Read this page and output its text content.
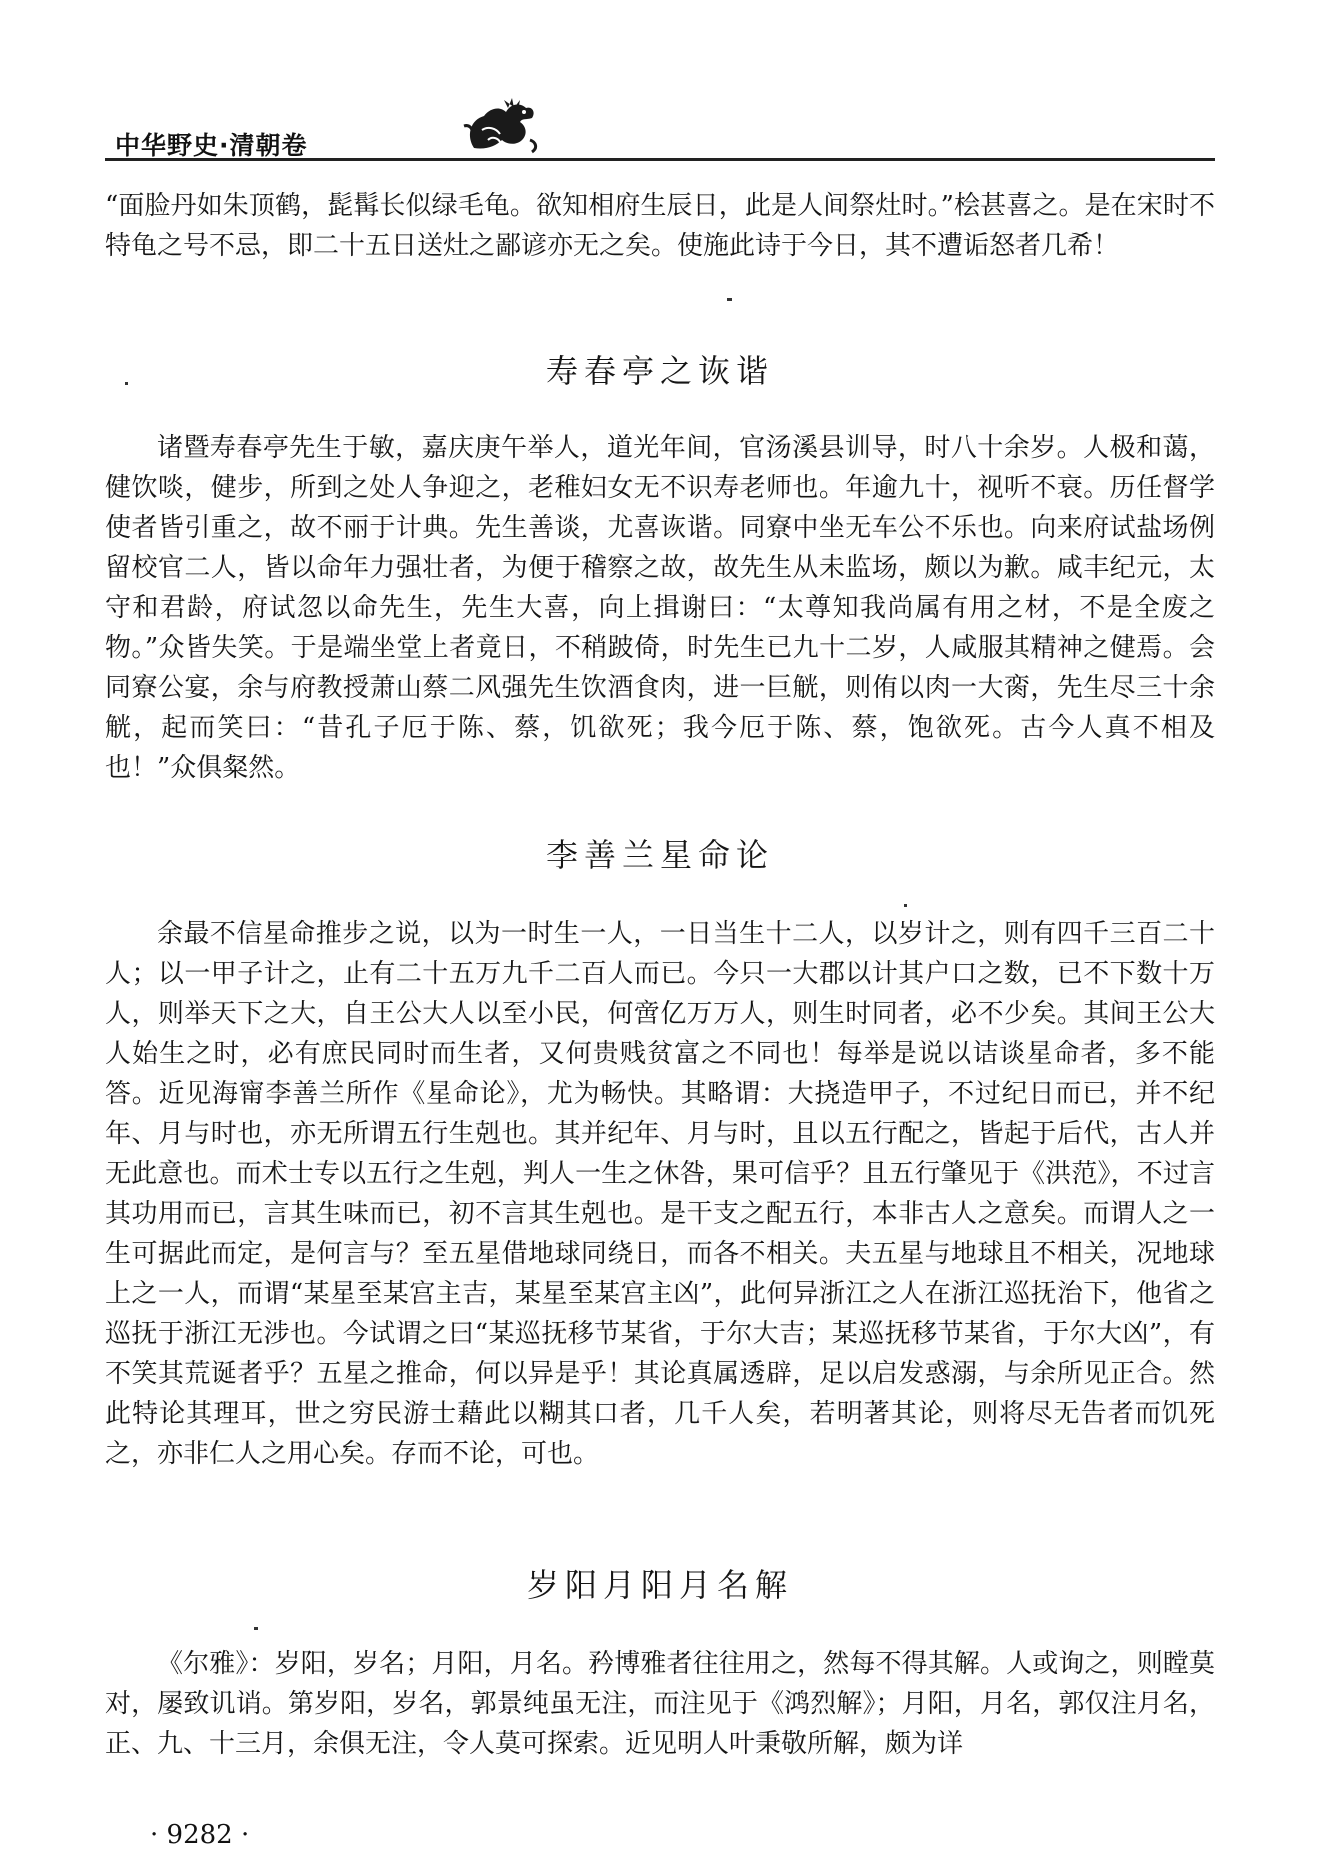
中华野史·清朝卷

“面脸丹如朱顶鹤，髭髯长似绿毛龟。欲知相府生辰日，此是人间祭灶时。”桧甚喜之。是在宋时不特龟之号不忌，即二十五日送灶之鄙谚亦无之矣。使施此诗于今日，其不遭诟怒者几希！

寿春亭之诙谐

诸暨寿春亭先生于敏，嘉庆庚午举人，道光年间，官汤溪县训导，时八十余岁。人极和蔼，健饮啖，健步，所到之处人争迎之，老稚妇女无不识寿老师也。年逾九十，视听不衰。历任督学使者皆引重之，故不丽于计典。先生善谈，尤喜诙谐。同寮中坐无车公不乐也。向来府试盐场例留校官二人，皆以命年力强壮者，为便于稽察之故，故先生从未监场，颇以为歉。咸丰纪元，太守和君龄，府试忽以命先生，先生大喜，向上揖谢曰：“太尊知我尚属有用之材，不是全废之物。”众皆失笑。于是端坐堂上者竟日，不稍跛倚，时先生已九十二岁，人咸服其精神之健焉。会同寮公宴，余与府教授萧山蔡二风强先生饮酒食肉，进一巨觥，则侑以肉一大脔，先生尽三十余觥，起而笑曰：“昔孔子厄于陈、蔡，饥欲死；我今厄于陈、蔡，饱欲死。古今人真不相及也！”众俱粲然。

李善兰星命论

余最不信星命推步之说，以为一时生一人，一日当生十二人，以岁计之，则有四千三百二十人；以一甲子计之，止有二十五万九千二百人而已。今只一大郡以计其户口之数，已不下数十万人，则举天下之大，自王公大人以至小民，何啻亿万万人，则生时同者，必不少矣。其间王公大人始生之时，必有庶民同时而生者，又何贵贱贫富之不同也！每举是说以诘谈星命者，多不能答。近见海甯李善兰所作《星命论》，尤为畅快。其略谓：大挠造甲子，不过纪日而已，并不纪年、月与时也，亦无所谓五行生剋也。其并纪年、月与时，且以五行配之，皆起于后代，古人并无此意也。而术士专以五行之生剋，判人一生之休咎，果可信乎？且五行肇见于《洪范》，不过言其功用而已，言其生味而已，初不言其生剋也。是干支之配五行，本非古人之意矣。而谓人之一生可据此而定，是何言与？至五星借地球同绕日，而各不相关。夫五星与地球且不相关，况地球上之一人，而谓“某星至某宫主吉，某星至某宫主凶”，此何异浙江之人在浙江巡抚治下，他省之巡抚于浙江无涉也。今试谓之曰“某巡抚移节某省，于尔大吉；某巡抚移节某省，于尔大凶”，有不笑其荒诞者乎？五星之推命，何以异是乎！其论真属透辟，足以启发惑溺，与余所见正合。然此特论其理耳，世之穷民游士藉此以糊其口者，几千人矣，若明著其论，则将尽无告者而饥死之，亦非仁人之用心矣。存而不论，可也。

岁阳月阳月名解

《尔雅》：岁阳，岁名；月阳，月名。矜博雅者往往用之，然每不得其解。人或询之，则瞠莫对，屡致讥诮。第岁阳，岁名，郭景纯虽无注，而注见于《鸿烈解》；月阳，月名，郭仅注月名，正、九、十三月，余俱无注，令人莫可探索。近见明人叶秉敬所解，颇为详

· 9282 ·
